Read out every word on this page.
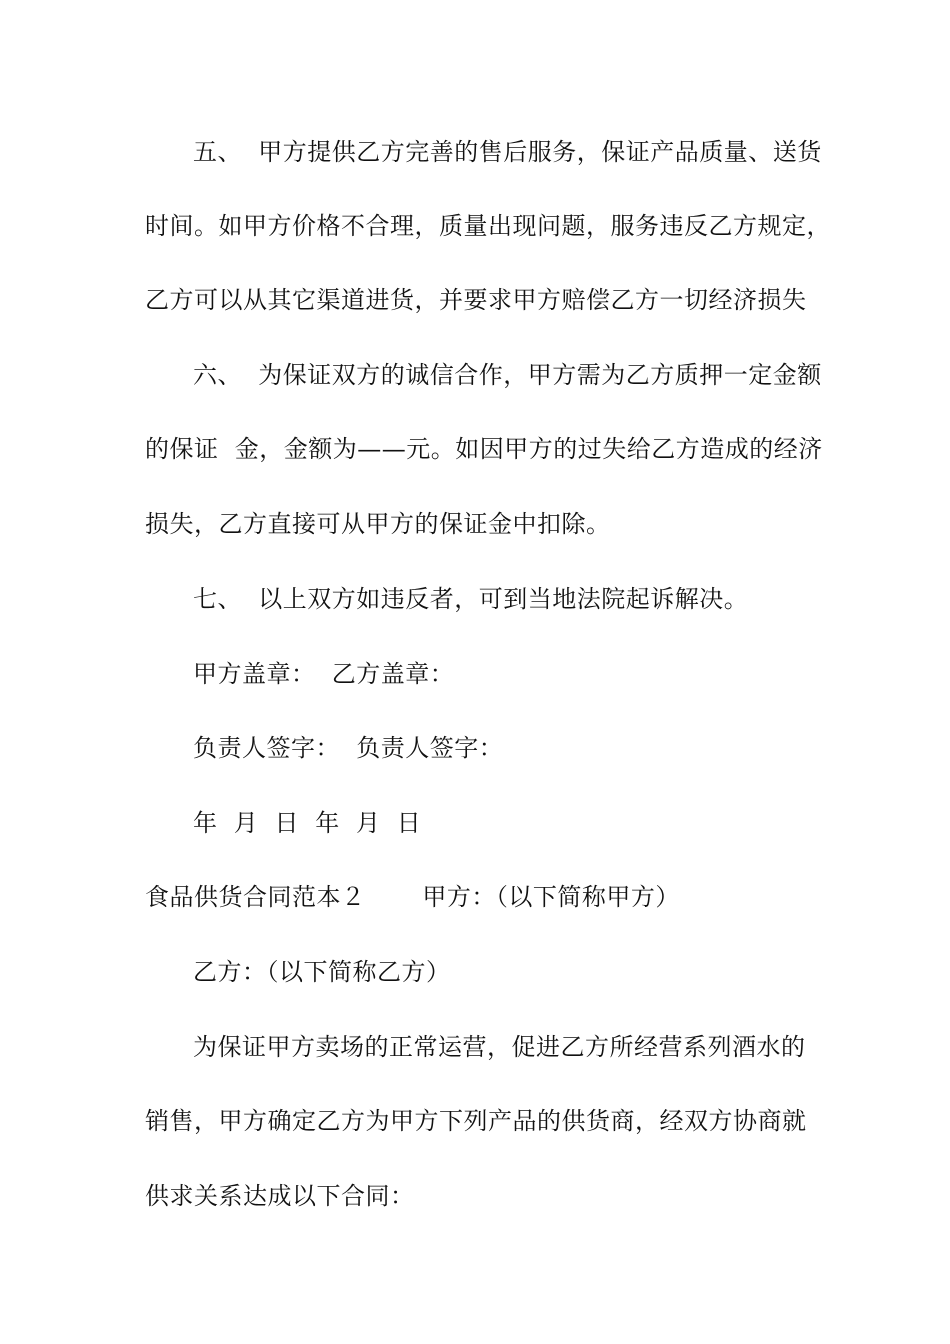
五、  甲方提供乙方完善的售后服务，保证产品质量、送货
时间。如甲方价格不合理，质量出现问题，服务违反乙方规定，
乙方可以从其它渠道进货，并要求甲方赔偿乙方一切经济损失
六、  为保证双方的诚信合作，甲方需为乙方质押一定金额
的保证  金，金额为——元。如因甲方的过失给乙方造成的经济
损失，乙方直接可从甲方的保证金中扣除。
七、  以上双方如违反者，可到当地法院起诉解决。
甲方盖章：  乙方盖章：
负责人签字：  负责人签字：
年  月  日  年  月  日
食品供货合同范本２       甲方：（以下简称甲方）
乙方：（以下简称乙方）
为保证甲方卖场的正常运营，促进乙方所经营系列酒水的
销售，甲方确定乙方为甲方下列产品的供货商，经双方协商就
供求关系达成以下合同：
